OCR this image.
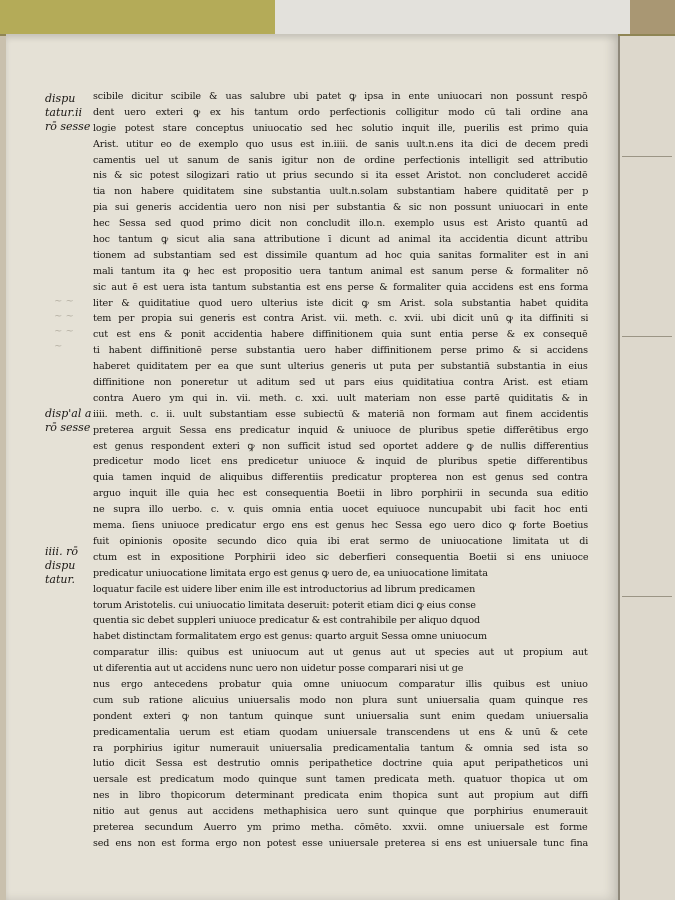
~ ~
~ ~
~ ~
~
dispu
tatur.ii
rō sesse
disp'al a
rō sesse
iiii. rō
dispu
tatur.
scibile dicitur scibile & uas salubre ubi patet ꝙ ipsa in ente uniuocari non possunt respō
dent uero exteri ꝙ ex his tantum ordo perfectionis colligitur modo cū tali ordine ana
logie potest stare conceptus uniuocatio sed hec solutio inquit ille, puerilis est primo quia
Arist. utitur eo de exemplo quo usus est in.iiii. de sanis uult.n.ens ita dici de decem predi
camentis uel ut sanum de sanis igitur non de ordine perfectionis intelligit sed attributio
nis & sic potest silogizari ratio ut prius secundo si ita esset Aristot. non concluderet accidē
tia non habere quiditatem sine substantia uult.n.solam substantiam habere quiditatē per p
pia sui generis accidentia uero non nisi per substantia & sic non possunt uniuocari in ente
hec Sessa sed quod primo dicit non concludit illo.n. exemplo usus est Aristo quantū ad
hoc tantum ꝙ sicut alia sana attributione ī dicunt ad animal ita accidentia dicunt attribu
tionem ad substantiam sed est dissimile quantum ad hoc quia sanitas formaliter est in ani
mali tantum ita ꝙ hec est propositio uera tantum animal est sanum perse & formaliter nō
sic aut ē est uera ista tantum substantia est ens perse & formaliter quia accidens est ens forma
liter & quiditatiue quod uero ulterius iste dicit ꝙ sm Arist. sola substantia habet quidita
tem per propia sui generis est contra Arist. vii. meth. c. xvii. ubi dicit unū ꝙ ita diffiniti si
cut est ens & ponit accidentia habere diffinitionem quia sunt entia perse & ex consequē
ti habent diffinitionē perse substantia uero haber diffinitionem perse primo & si accidens
haberet quiditatem per ea que sunt ulterius generis ut puta per substantiā substantia in eius
diffinitione non poneretur ut aditum sed ut pars eius quiditatiua contra Arist. est etiam
contra Auero ym qui in. vii. meth. c. xxi. uult materiam non esse partē quiditatis & in
iiii. meth. c. ii. uult substantiam esse subiectū & materiā non formam aut finem accidentis
preterea arguit Sessa ens predicatur inquid & uniuoce de pluribus spetie differētibus ergo
est genus respondent exteri ꝙ non sufficit istud sed oportet addere ꝙ de nullis differentius
predicetur modo licet ens predicetur uniuoce & inquid de pluribus spetie differentibus
quia tamen inquid de aliquibus differentiis predicatur propterea non est genus sed contra
arguo inquit ille quia hec est consequentia Boetii in libro porphirii in secunda sua editio
ne supra illo uerbo. c. v. quis omnia entia uocet equiuoce nuncupabit ubi facit hoc enti
mema. ſiens uniuoce predicatur ergo ens est genus hec Sessa ego uero dico ꝙ forte Boetius
fuit opinionis oposite secundo dico quia ibi erat sermo de uniuocatione limitata ut di
ctum est in expositione Porphirii ideo sic deberfieri consequentia Boetii si ens uniuoce
predicatur uniuocatione limitata ergo est genus ꝙ uero de, ea uniuocatione limitata
loquatur facile est uidere liber enim ille est introductorius ad librum predicamen
torum Aristotelis. cui uniuocatio limitata deseruit: poterit etiam dici ꝙ eius conse
quentia sic debet suppleri uniuoce predicatur & est contrahibile per aliquo dquod
habet distinctam formalitatem ergo est genus: quarto arguit Sessa omne uniuocum
comparatur illis: quibus est uniuocum aut ut genus aut ut species aut ut propium aut
ut diferentia aut ut accidens nunc uero non uidetur posse comparari nisi ut ge
nus ergo antecedens probatur quia omne uniuocum comparatur illis quibus est uniuo
cum sub ratione alicuius uniuersalis modo non plura sunt uniuersalia quam quinque res
pondent exteri ꝙ non tantum quinque sunt uniuersalia sunt enim quedam uniuersalia
predicamentalia uerum est etiam quodam uniuersale transcendens ut ens & unū & cete
ra porphirius igitur numerauit uniuersalia predicamentalia tantum & omnia sed ista so
lutio dicit Sessa est destrutio omnis peripathetice doctrine quia aput peripatheticos uni
uersale est predicatum modo quinque sunt tamen predicata meth. quatuor thopica ut om
nes in libro thopicorum determinant predicata enim thopica sunt aut propium aut diffi
nitio aut genus aut accidens methaphisica uero sunt quinque que porphirius enumerauit
preterea secundum Auerro ym primo metha. cōmēto. xxvii. omne uniuersale est forme
sed ens non est forma ergo non potest esse uniuersale preterea si ens est uniuersale tunc fina
